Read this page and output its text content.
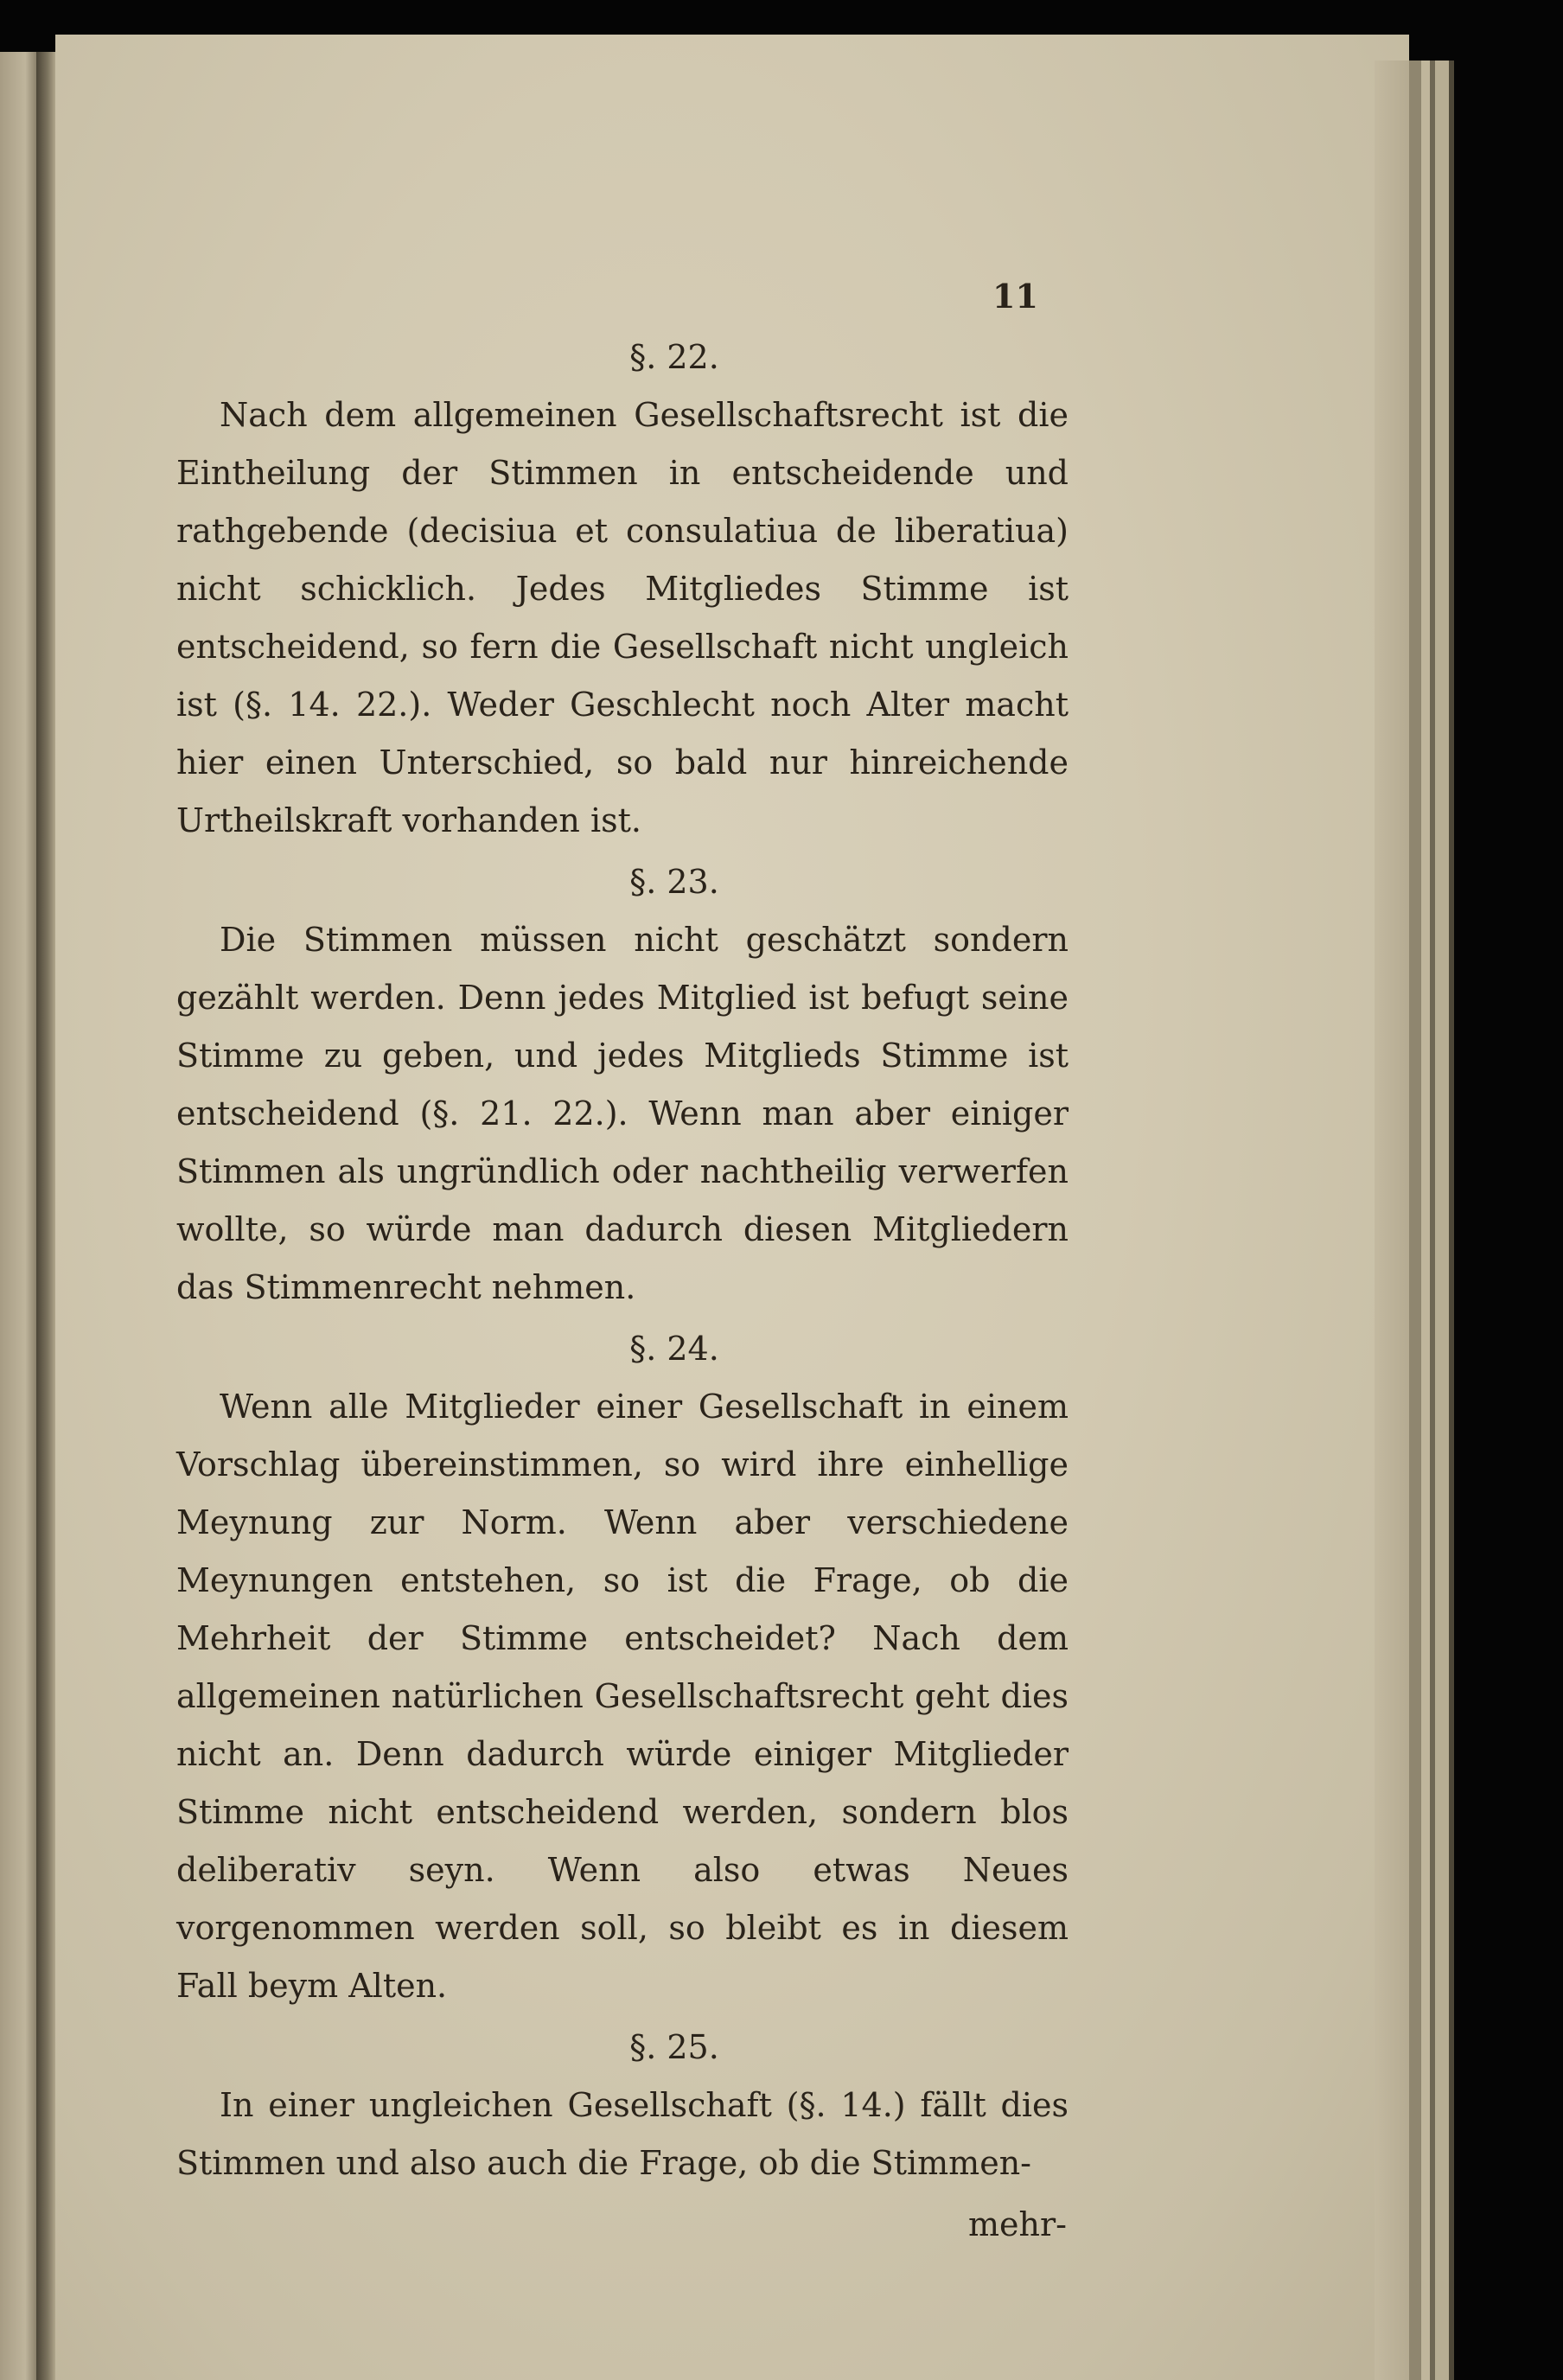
11

§. 22.

Nach dem allgemeinen Gesellschaftsrecht ist die Eintheilung der Stimmen in entscheidende und rathgebende (decisiua et consulatiua de liberatiua) nicht schicklich. Jedes Mitgliedes Stimme ist entscheidend, so fern die Gesellschaft nicht ungleich ist (§. 14. 22.). Weder Geschlecht noch Alter macht hier einen Unterschied, so bald nur hinreichende Urtheilskraft vorhanden ist.

§. 23.

Die Stimmen müssen nicht geschätzt sondern gezählt werden. Denn jedes Mitglied ist befugt seine Stimme zu geben, und jedes Mitglieds Stimme ist entscheidend (§. 21. 22.). Wenn man aber einiger Stimmen als ungründlich oder nachtheilig verwerfen wollte, so würde man dadurch diesen Mitgliedern das Stimmenrecht nehmen.

§. 24.

Wenn alle Mitglieder einer Gesellschaft in einem Vorschlag übereinstimmen, so wird ihre einhellige Meynung zur Norm. Wenn aber verschiedene Meynungen entstehen, so ist die Frage, ob die Mehrheit der Stimme entscheidet? Nach dem allgemeinen natürlichen Gesellschaftsrecht geht dies nicht an. Denn dadurch würde einiger Mitglieder Stimme nicht entscheidend werden, sondern blos deliberativ seyn. Wenn also etwas Neues vorgenommen werden soll, so bleibt es in diesem Fall beym Alten.

§. 25.

In einer ungleichen Gesellschaft (§. 14.) fällt dies Stimmen und also auch die Frage, ob die Stimmen-

mehr-
